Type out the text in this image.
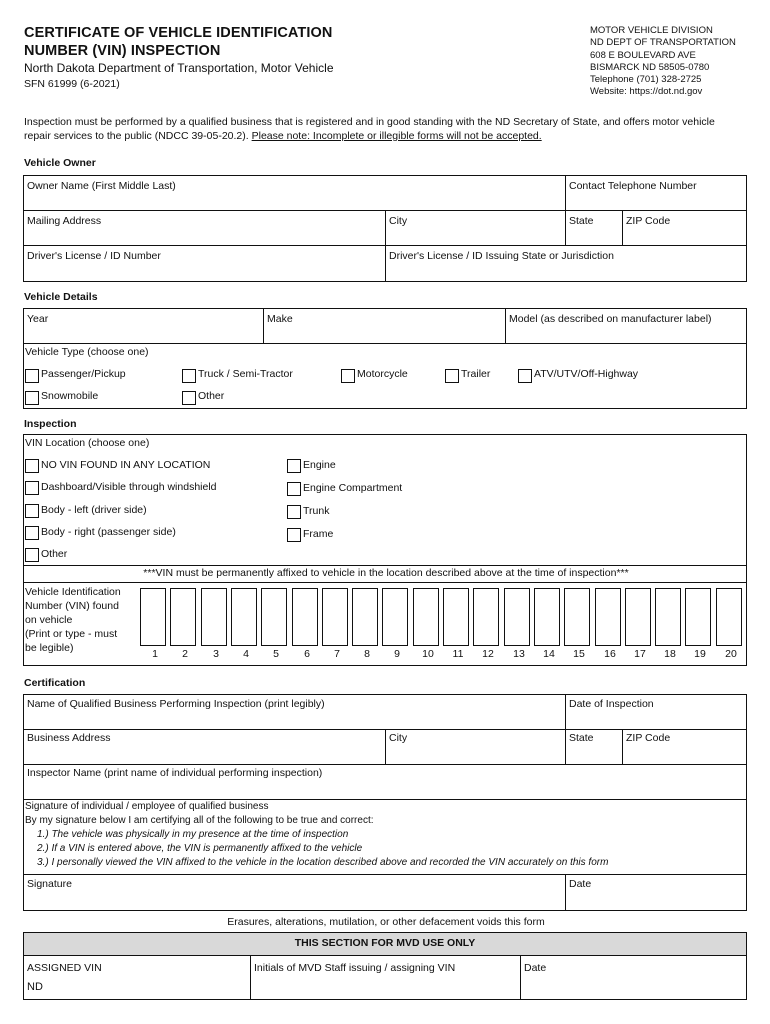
CERTIFICATE OF VEHICLE IDENTIFICATION
NUMBER (VIN) INSPECTION
North Dakota Department of Transportation, Motor Vehicle
SFN 61999 (6-2021)
MOTOR VEHICLE DIVISION
ND DEPT OF TRANSPORTATION
608 E BOULEVARD AVE
BISMARCK ND 58505-0780
Telephone (701) 328-2725
Website: https://dot.nd.gov
Inspection must be performed by a qualified business that is registered and in good standing with the ND Secretary of State, and offers motor vehicle repair services to the public (NDCC 39-05-20.2). Please note: Incomplete or illegible forms will not be accepted.
Vehicle Owner
Owner Name (First Middle Last)	Contact Telephone Number
Mailing Address	City	State	ZIP Code
Driver's License / ID Number	Driver's License / ID Issuing State or Jurisdiction
Vehicle Details
Year	Make	Model (as described on manufacturer label)
Vehicle Type (choose one)
Passenger/Pickup	Truck / Semi-Tractor	Motorcycle	Trailer	ATV/UTV/Off-Highway
Snowmobile	Other
Inspection
VIN Location (choose one)
NO VIN FOUND IN ANY LOCATION
Dashboard/Visible through windshield
Body - left (driver side)
Body - right (passenger side)
Other
Engine
Engine Compartment
Trunk
Frame
***VIN must be permanently affixed to vehicle in the location described above at the time of inspection***
Vehicle Identification
Number (VIN) found
on vehicle
(Print or type - must
be legible)	1	2	3	4	5	6	7	8	9	10	11	12	13	14	15	16	17	18	19	20
Certification
Name of Qualified Business Performing Inspection (print legibly)	Date of Inspection
Business Address	City	State	ZIP Code
Inspector Name (print name of individual performing inspection)
Signature of individual / employee of qualified business
By my signature below I am certifying all of the following to be true and correct:
1.) The vehicle was physically in my presence at the time of inspection
2.) If a VIN is entered above, the VIN is permanently affixed to the vehicle
3.) I personally viewed the VIN affixed to the vehicle in the location described above and recorded the VIN accurately on this form
Signature	Date
Erasures, alterations, mutilation, or other defacement voids this form
THIS SECTION FOR MVD USE ONLY
ASSIGNED VIN
ND
Initials of MVD Staff issuing / assigning VIN	Date
